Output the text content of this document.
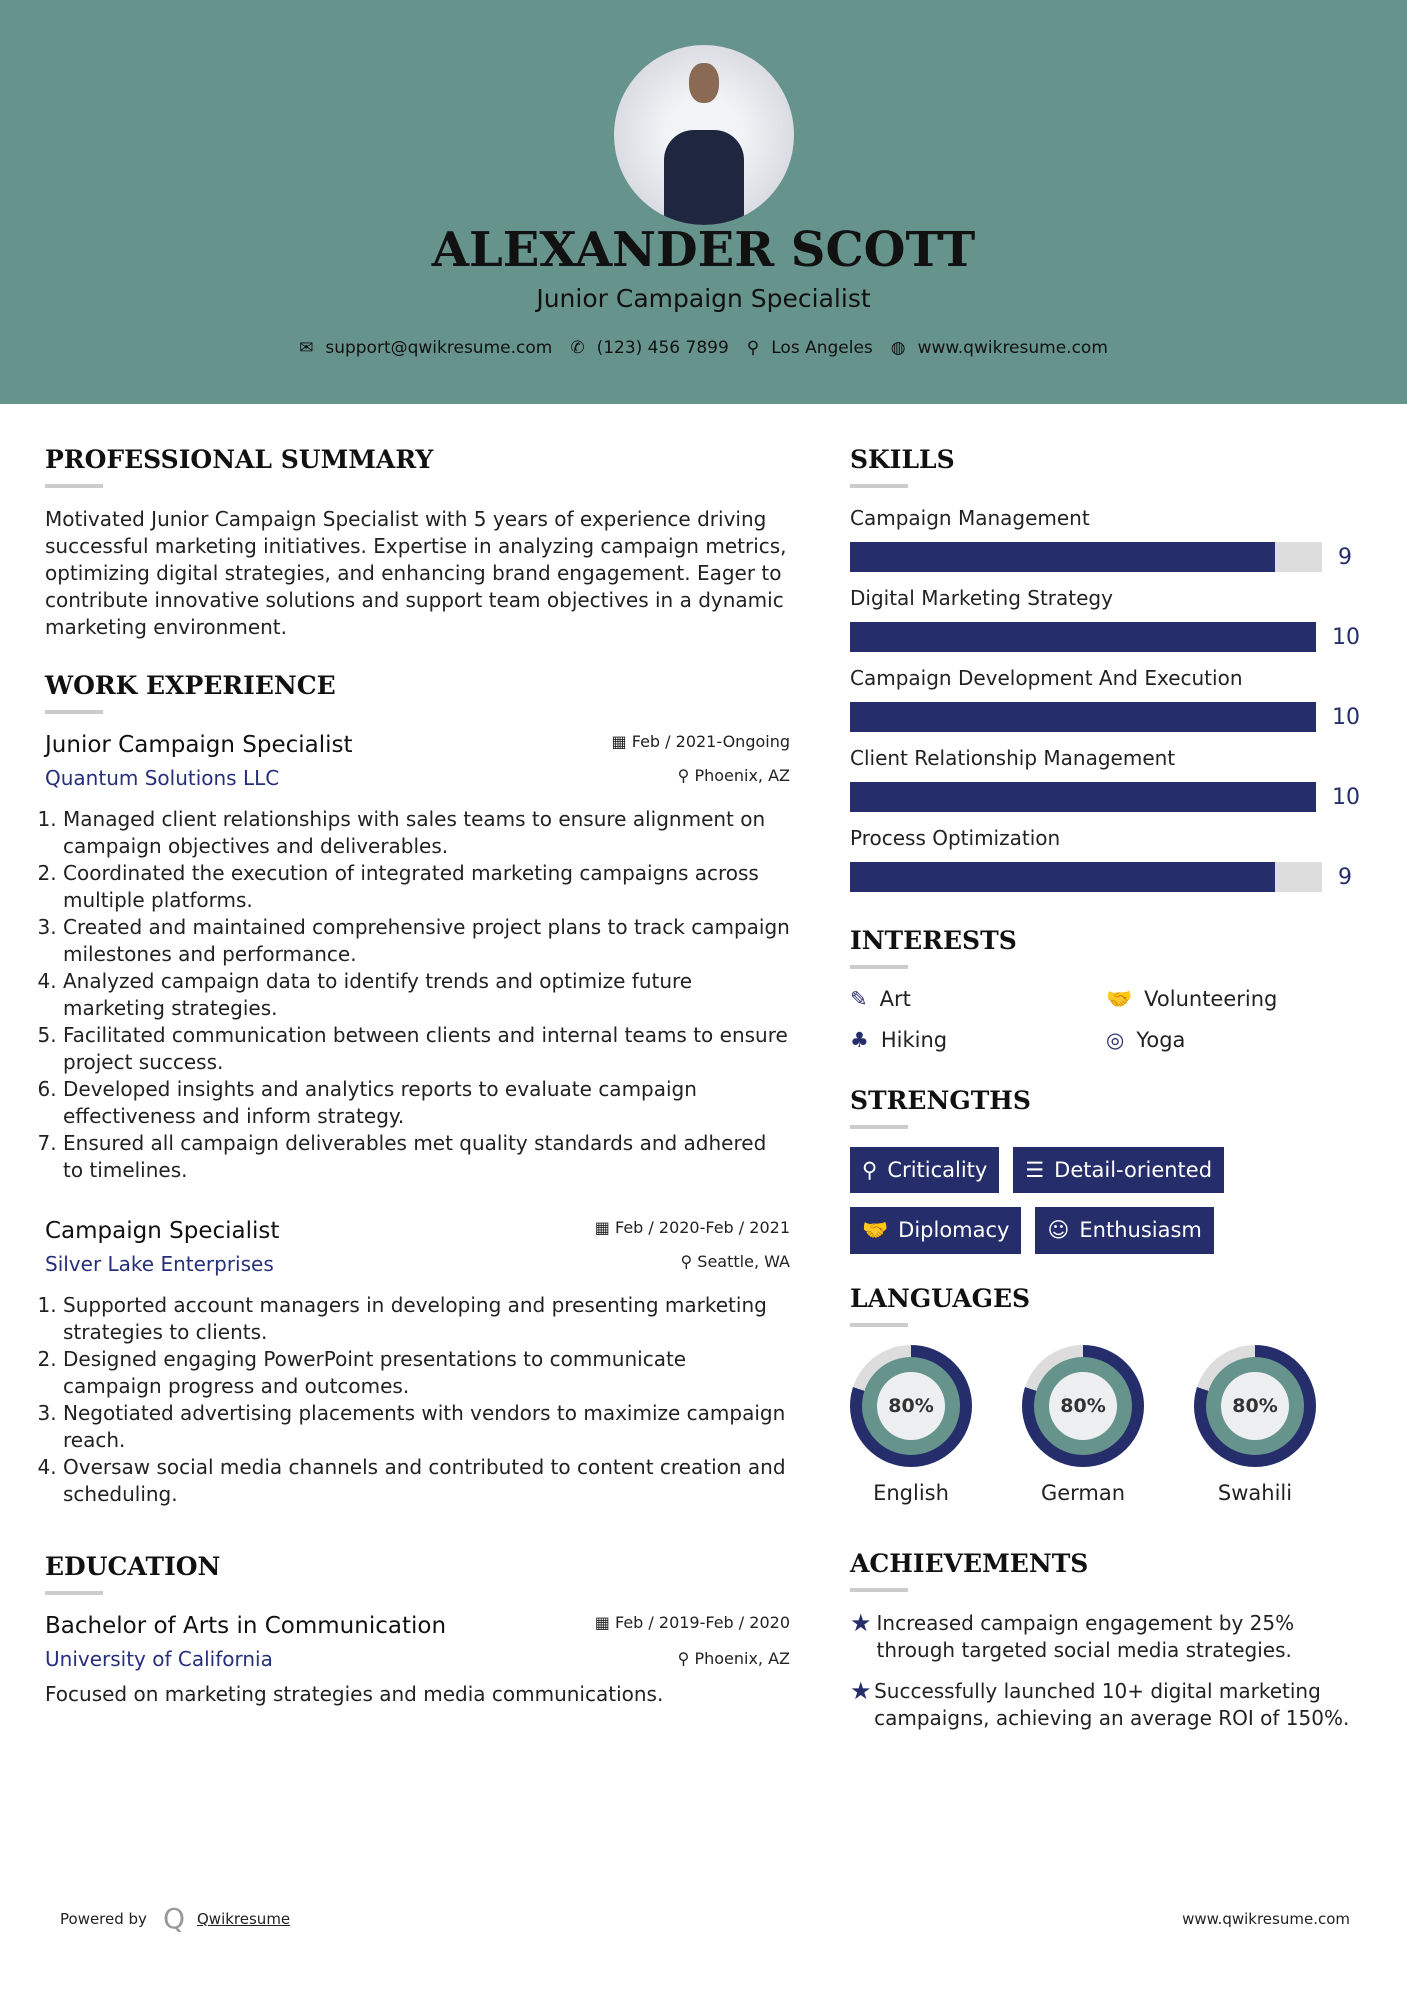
ALEXANDER SCOTT
Junior Campaign Specialist
✉ support@qwikresume.com ✆ (123) 456 7899 ⚲ Los Angeles ◍ www.qwikresume.com
PROFESSIONAL SUMMARY

Motivated Junior Campaign Specialist with 5 years of experience driving successful marketing initiatives. Expertise in analyzing campaign metrics, optimizing digital strategies, and enhancing brand engagement. Eager to contribute innovative solutions and support team objectives in a dynamic marketing environment.

WORK EXPERIENCE
▦ Feb / 2021-Ongoing
⚲ Phoenix, AZ
Junior Campaign Specialist
Quantum Solutions LLC
1. Managed client relationships with sales teams to ensure alignment on campaign objectives and deliverables.
2. Coordinated the execution of integrated marketing campaigns across multiple platforms.
3. Created and maintained comprehensive project plans to track campaign milestones and performance.
4. Analyzed campaign data to identify trends and optimize future marketing strategies.
5. Facilitated communication between clients and internal teams to ensure project success.
6. Developed insights and analytics reports to evaluate campaign effectiveness and inform strategy.
7. Ensured all campaign deliverables met quality standards and adhered to timelines.
▦ Feb / 2020-Feb / 2021
⚲ Seattle, WA
Campaign Specialist
Silver Lake Enterprises
1. Supported account managers in developing and presenting marketing strategies to clients.
2. Designed engaging PowerPoint presentations to communicate campaign progress and outcomes.
3. Negotiated advertising placements with vendors to maximize campaign reach.
4. Oversaw social media channels and contributed to content creation and scheduling.
EDUCATION
▦ Feb / 2019-Feb / 2020
⚲ Phoenix, AZ
Bachelor of Arts in Communication
University of California

Focused on marketing strategies and media communications.

SKILLS
Campaign Management
9
Digital Marketing Strategy
10
Campaign Development And Execution
10
Client Relationship Management
10
Process Optimization
9
INTERESTS
✎ Art	🤝 Volunteering
♣ Hiking	◎ Yoga
STRENGTHS
⚲ Criticality	☰ Detail-oriented
🤝 Diplomacy	☺ Enthusiasm
LANGUAGES
80%
English
80%
German
80%
Swahili
ACHIEVEMENTS
★ Increased campaign engagement by 25% through targeted social media strategies.
★ Successfully launched 10+ digital marketing campaigns, achieving an average ROI of 150%.
Powered by Q Qwikresume	www.qwikresume.com
